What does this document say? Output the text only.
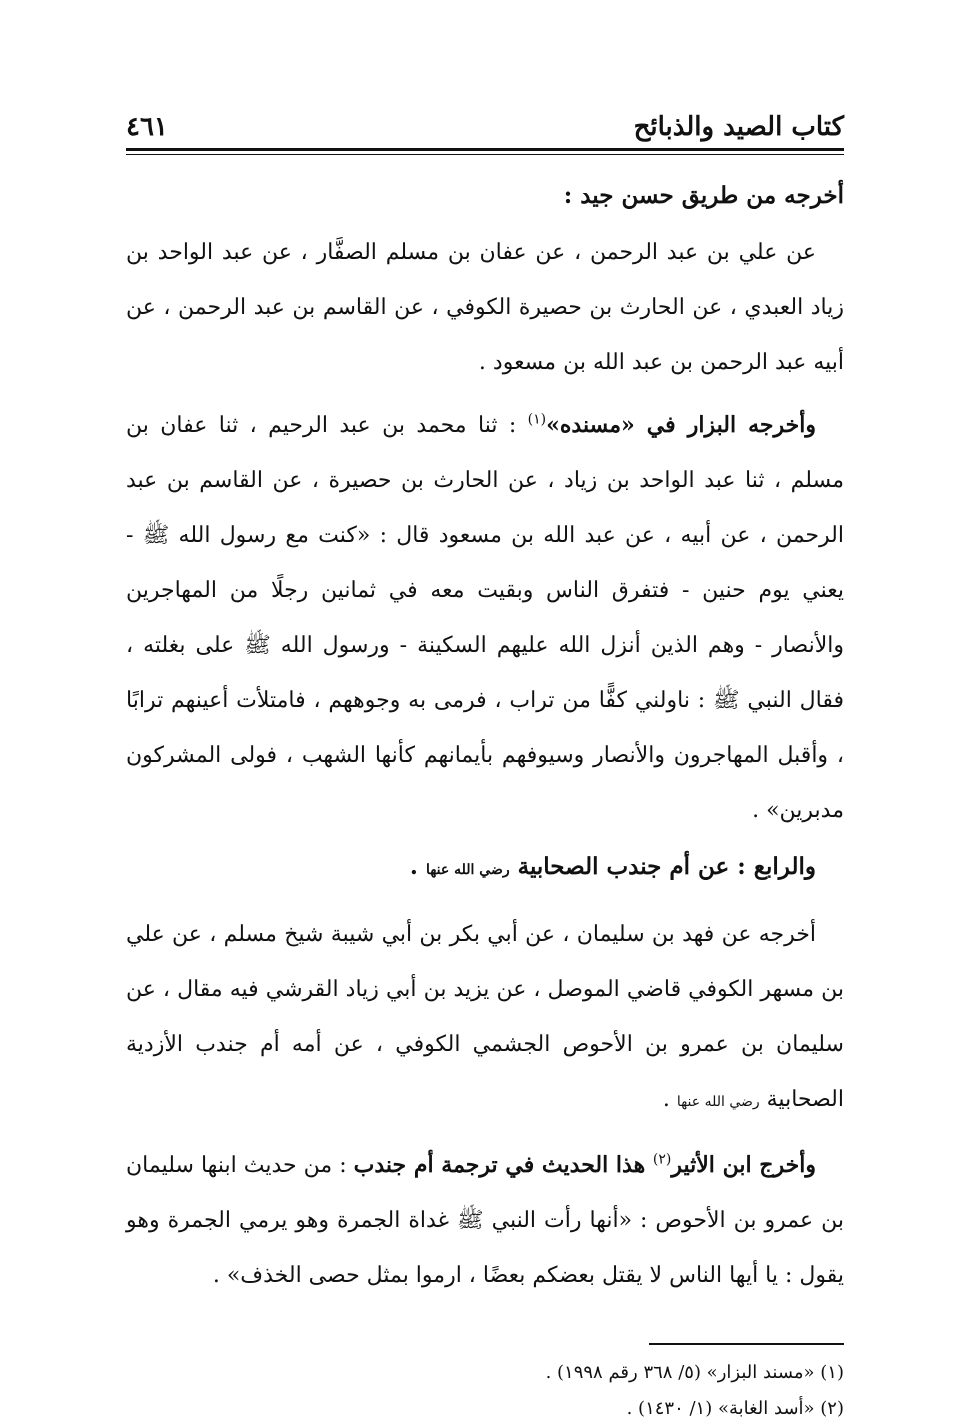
كتاب الصيد والذبائح
٤٦١

أخرجه من طريق حسن جيد :

عن علي بن عبد الرحمن ، عن عفان بن مسلم الصفَّار ، عن عبد الواحد بن زياد العبدي ، عن الحارث بن حصيرة الكوفي ، عن القاسم بن عبد الرحمن ، عن أبيه عبد الرحمن بن عبد الله بن مسعود .

وأخرجه البزار في «مسنده»$^{(١)}$ : ثنا محمد بن عبد الرحيم ، ثنا عفان بن مسلم ، ثنا عبد الواحد بن زياد ، عن الحارث بن حصيرة ، عن القاسم بن عبد الرحمن ، عن أبيه ، عن عبد الله بن مسعود قال : «كنت مع رسول الله ﷺ - يعني يوم حنين - فتفرق الناس وبقيت معه في ثمانين رجلًا من المهاجرين والأنصار - وهم الذين أنزل الله عليهم السكينة - ورسول الله ﷺ على بغلته ، فقال النبي ﷺ : ناولني كفًّا من تراب ، فرمى به وجوههم ، فامتلأت أعينهم ترابًا ، وأقبل المهاجرون والأنصار وسيوفهم بأيمانهم كأنها الشهب ، فولى المشركون مدبرين» .

والرابع : عن أم جندب الصحابية رضي الله عنها .

أخرجه عن فهد بن سليمان ، عن أبي بكر بن أبي شيبة شيخ مسلم ، عن علي بن مسهر الكوفي قاضي الموصل ، عن يزيد بن أبي زياد القرشي فيه مقال ، عن سليمان بن عمرو بن الأحوص الجشمي الكوفي ، عن أمه أم جندب الأزدية الصحابية رضي الله عنها .

وأخرج ابن الأثير$^{(٢)}$ هذا الحديث في ترجمة أم جندب : من حديث ابنها سليمان بن عمرو بن الأحوص : «أنها رأت النبي ﷺ غداة الجمرة وهو يرمي الجمرة وهو يقول : يا أيها الناس لا يقتل بعضكم بعضًا ، ارموا بمثل حصى الخذف» .

(١) «مسند البزار» (٥/ ٣٦٨ رقم ١٩٩٨) .

(٢) «أسد الغابة» (١/ ١٤٣٠) .
